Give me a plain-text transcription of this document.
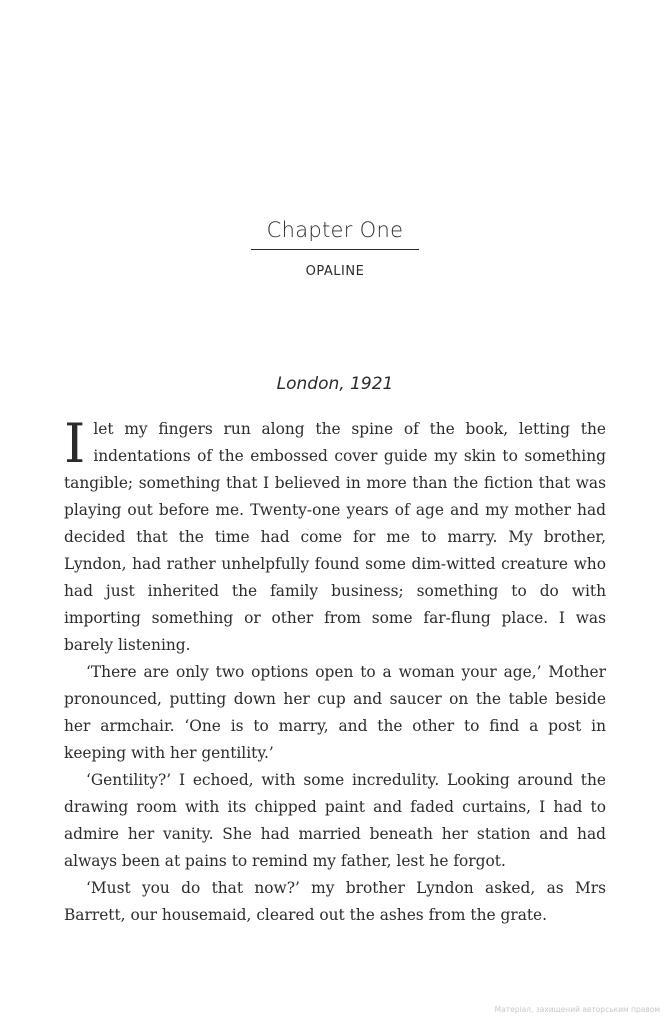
Chapter One
OPALINE
London, 1921

Ilet my fingers run along the spine of the book, letting the indentations of the embossed cover guide my skin to something tangible; something that I believed in more than the fiction that was playing out before me. Twenty-one years of age and my mother had decided that the time had come for me to marry. My brother, Lyndon, had rather unhelpfully found some dim-witted creature who had just inherited the family business; something to do with importing something or other from some far-flung place. I was barely listening.

‘There are only two options open to a woman your age,’ Mother pronounced, putting down her cup and saucer on the table beside her armchair. ‘One is to marry, and the other to find a post in keeping with her gentility.’

‘Gentility?’ I echoed, with some incredulity. Looking around the drawing room with its chipped paint and faded curtains, I had to admire her vanity. She had married beneath her station and had always been at pains to remind my father, lest he forgot.

‘Must you do that now?’ my brother Lyndon asked, as Mrs Barrett, our housemaid, cleared out the ashes from the grate.

Матеріал, захищений авторським правом
